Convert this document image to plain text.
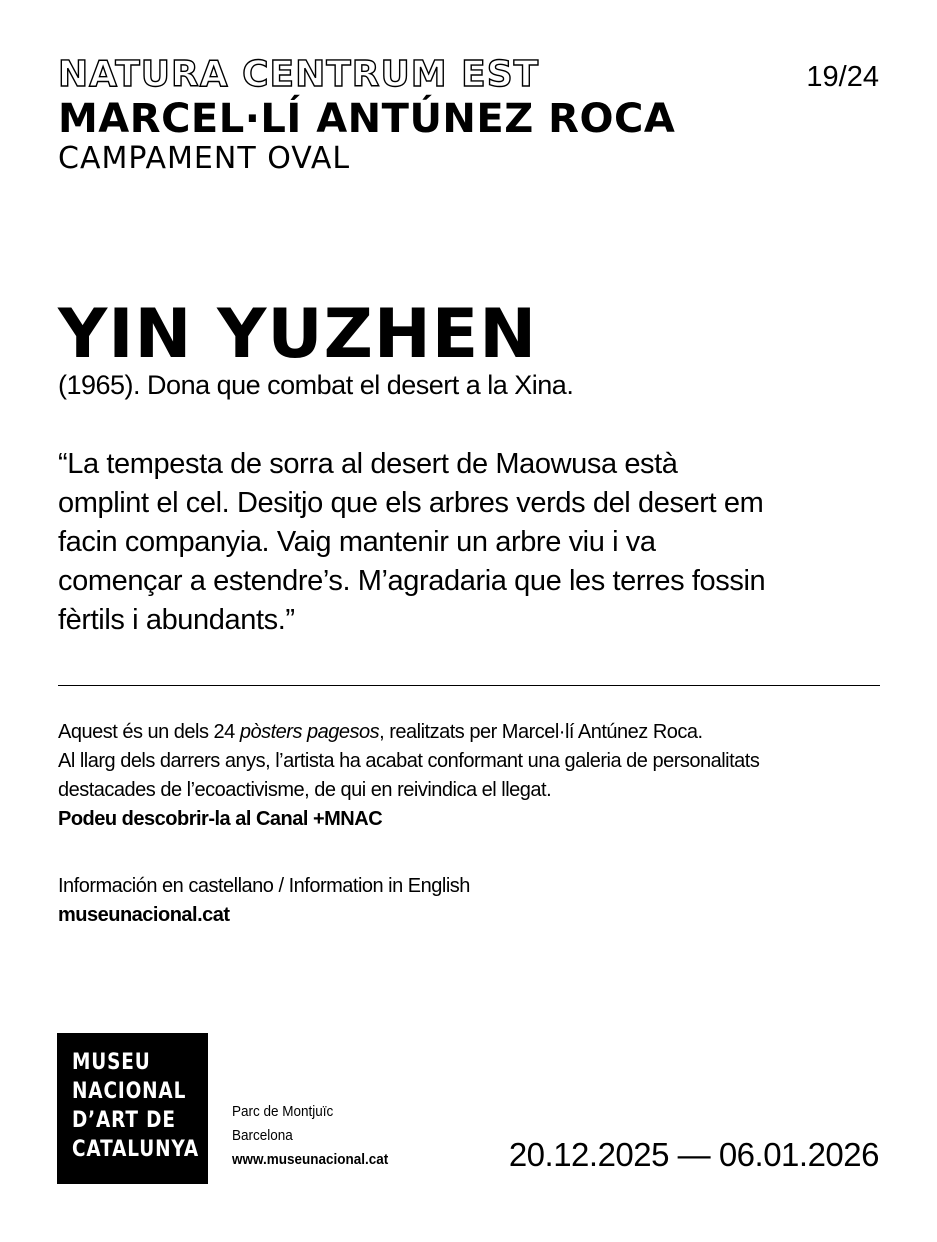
NATURA CENTRUM EST
MARCEL·LÍ ANTÚNEZ ROCA
CAMPAMENT OVAL
19/24
YIN YUZHEN
(1965). Dona que combat el desert a la Xina.
“La tempesta de sorra al desert de Maowusa està
omplint el cel. Desitjo que els arbres verds del desert em
facin companyia. Vaig mantenir un arbre viu i va
començar a estendre’s. M’agradaria que les terres fossin
fèrtils i abundants.”
Aquest és un dels 24 pòsters pagesos, realitzats per Marcel·lí Antúnez Roca.
Al llarg dels darrers anys, l’artista ha acabat conformant una galeria de personalitats
destacades de l’ecoactivisme, de qui en reivindica el llegat.
Podeu descobrir-la al Canal +MNAC
Información en castellano / Information in English
museunacional.cat
MUSEU
NACIONAL
D’ART DE
CATALUNYA
Parc de Montjuïc
Barcelona
www.museunacional.cat	20.12.2025 — 06.01.2026
